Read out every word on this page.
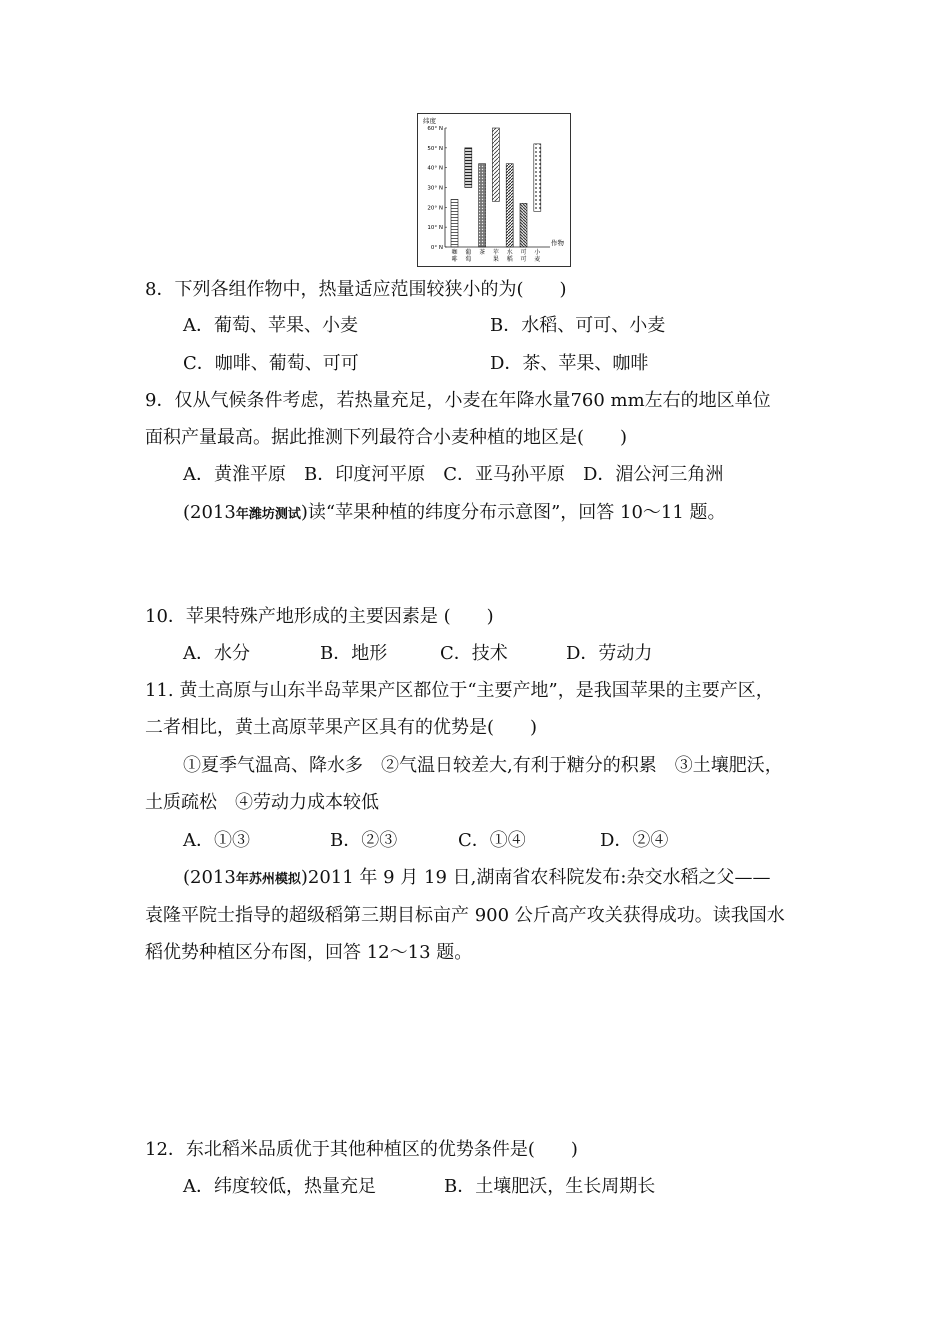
纬度
作物
0° N
10° N
20° N
30° N
40° N
50° N
60° N
咖
啡
葡
萄
茶 苹
果
水
稻
可
可
小
麦
8．下列各组作物中，热量适应范围较狭小的为(　　)
A．葡萄、苹果、小麦	B．水稻、可可、小麦
C．咖啡、葡萄、可可	D．茶、苹果、咖啡
9．仅从气候条件考虑，若热量充足，小麦在年降水量760 mm左右的地区单位
面积产量最高。据此推测下列最符合小麦种植的地区是(　　)
A．黄淮平原　B．印度河平原　C．亚马孙平原　D．湄公河三角洲
(2013年潍坊测试)读“苹果种植的纬度分布示意图”，回答 10～11 题。
10．苹果特殊产地形成的主要因素是 (　　)
A．水分	B．地形	C．技术	D．劳动力
11. 黄土高原与山东半岛苹果产区都位于“主要产地”，是我国苹果的主要产区，
二者相比，黄土高原苹果产区具有的优势是(　　)
①夏季气温高、降水多　②气温日较差大,有利于糖分的积累　③土壤肥沃，
土质疏松　④劳动力成本较低
A．①③	B．②③	C．①④	D．②④
(2013年苏州模拟)2011 年 9 月 19 日,湖南省农科院发布:杂交水稻之父——
袁隆平院士指导的超级稻第三期目标亩产 900 公斤高产攻关获得成功。读我国水
稻优势种植区分布图，回答 12～13 题。
12．东北稻米品质优于其他种植区的优势条件是(　　)
A．纬度较低，热量充足	B．土壤肥沃，生长周期长
